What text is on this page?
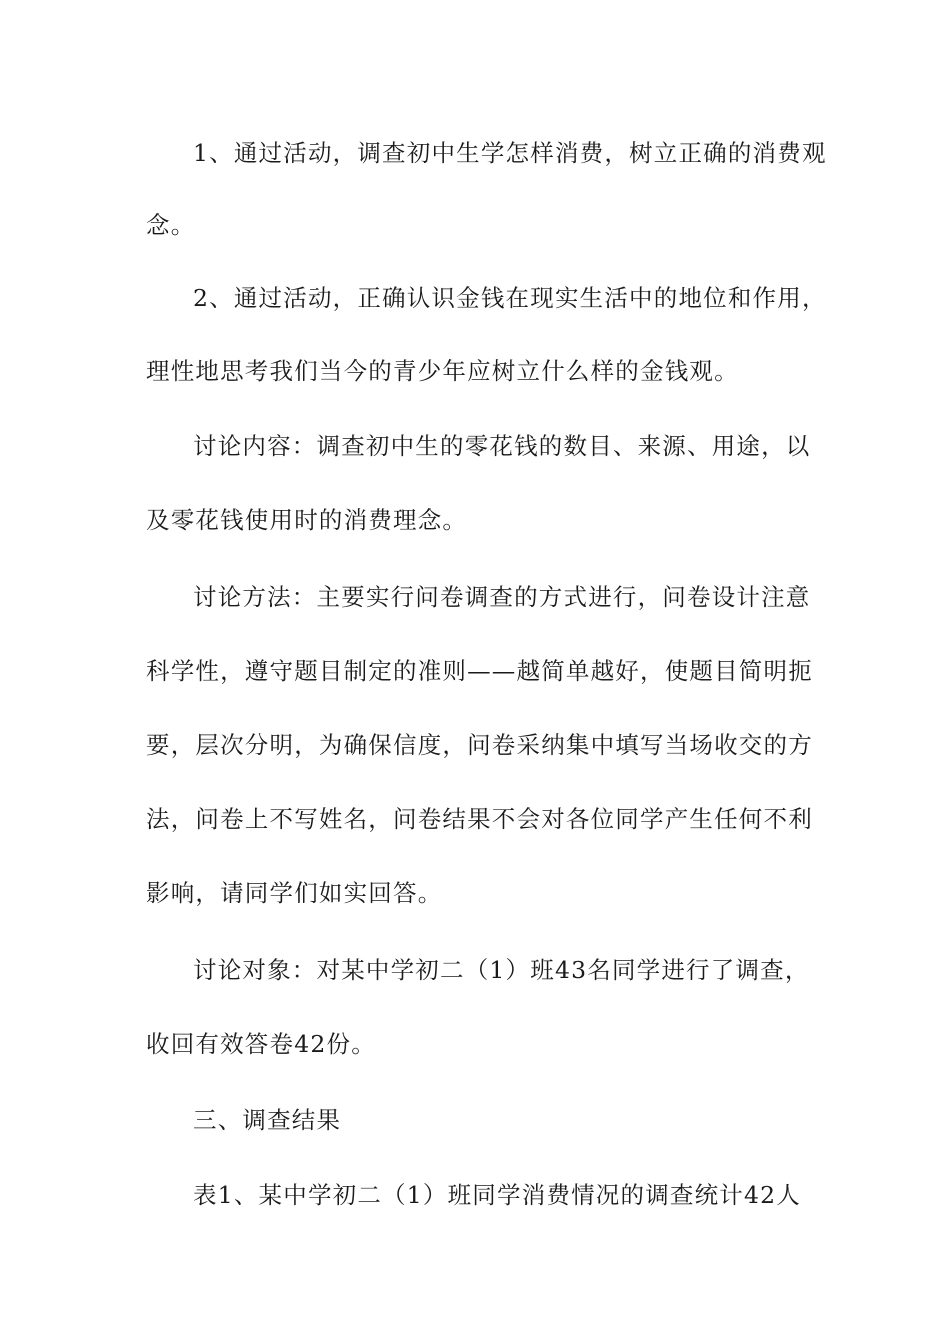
1、通过活动，调查初中生学怎样消费，树立正确的消费观
念。
2、通过活动，正确认识金钱在现实生活中的地位和作用，
理性地思考我们当今的青少年应树立什么样的金钱观。
讨论内容：调查初中生的零花钱的数目、来源、用途，以
及零花钱使用时的消费理念。
讨论方法：主要实行问卷调查的方式进行，问卷设计注意
科学性，遵守题目制定的准则——越简单越好，使题目简明扼
要，层次分明，为确保信度，问卷采纳集中填写当场收交的方
法，问卷上不写姓名，问卷结果不会对各位同学产生任何不利
影响，请同学们如实回答。
讨论对象：对某中学初二（1）班43名同学进行了调查，
收回有效答卷42份。
三、调查结果
表1、某中学初二（1）班同学消费情况的调查统计42人
